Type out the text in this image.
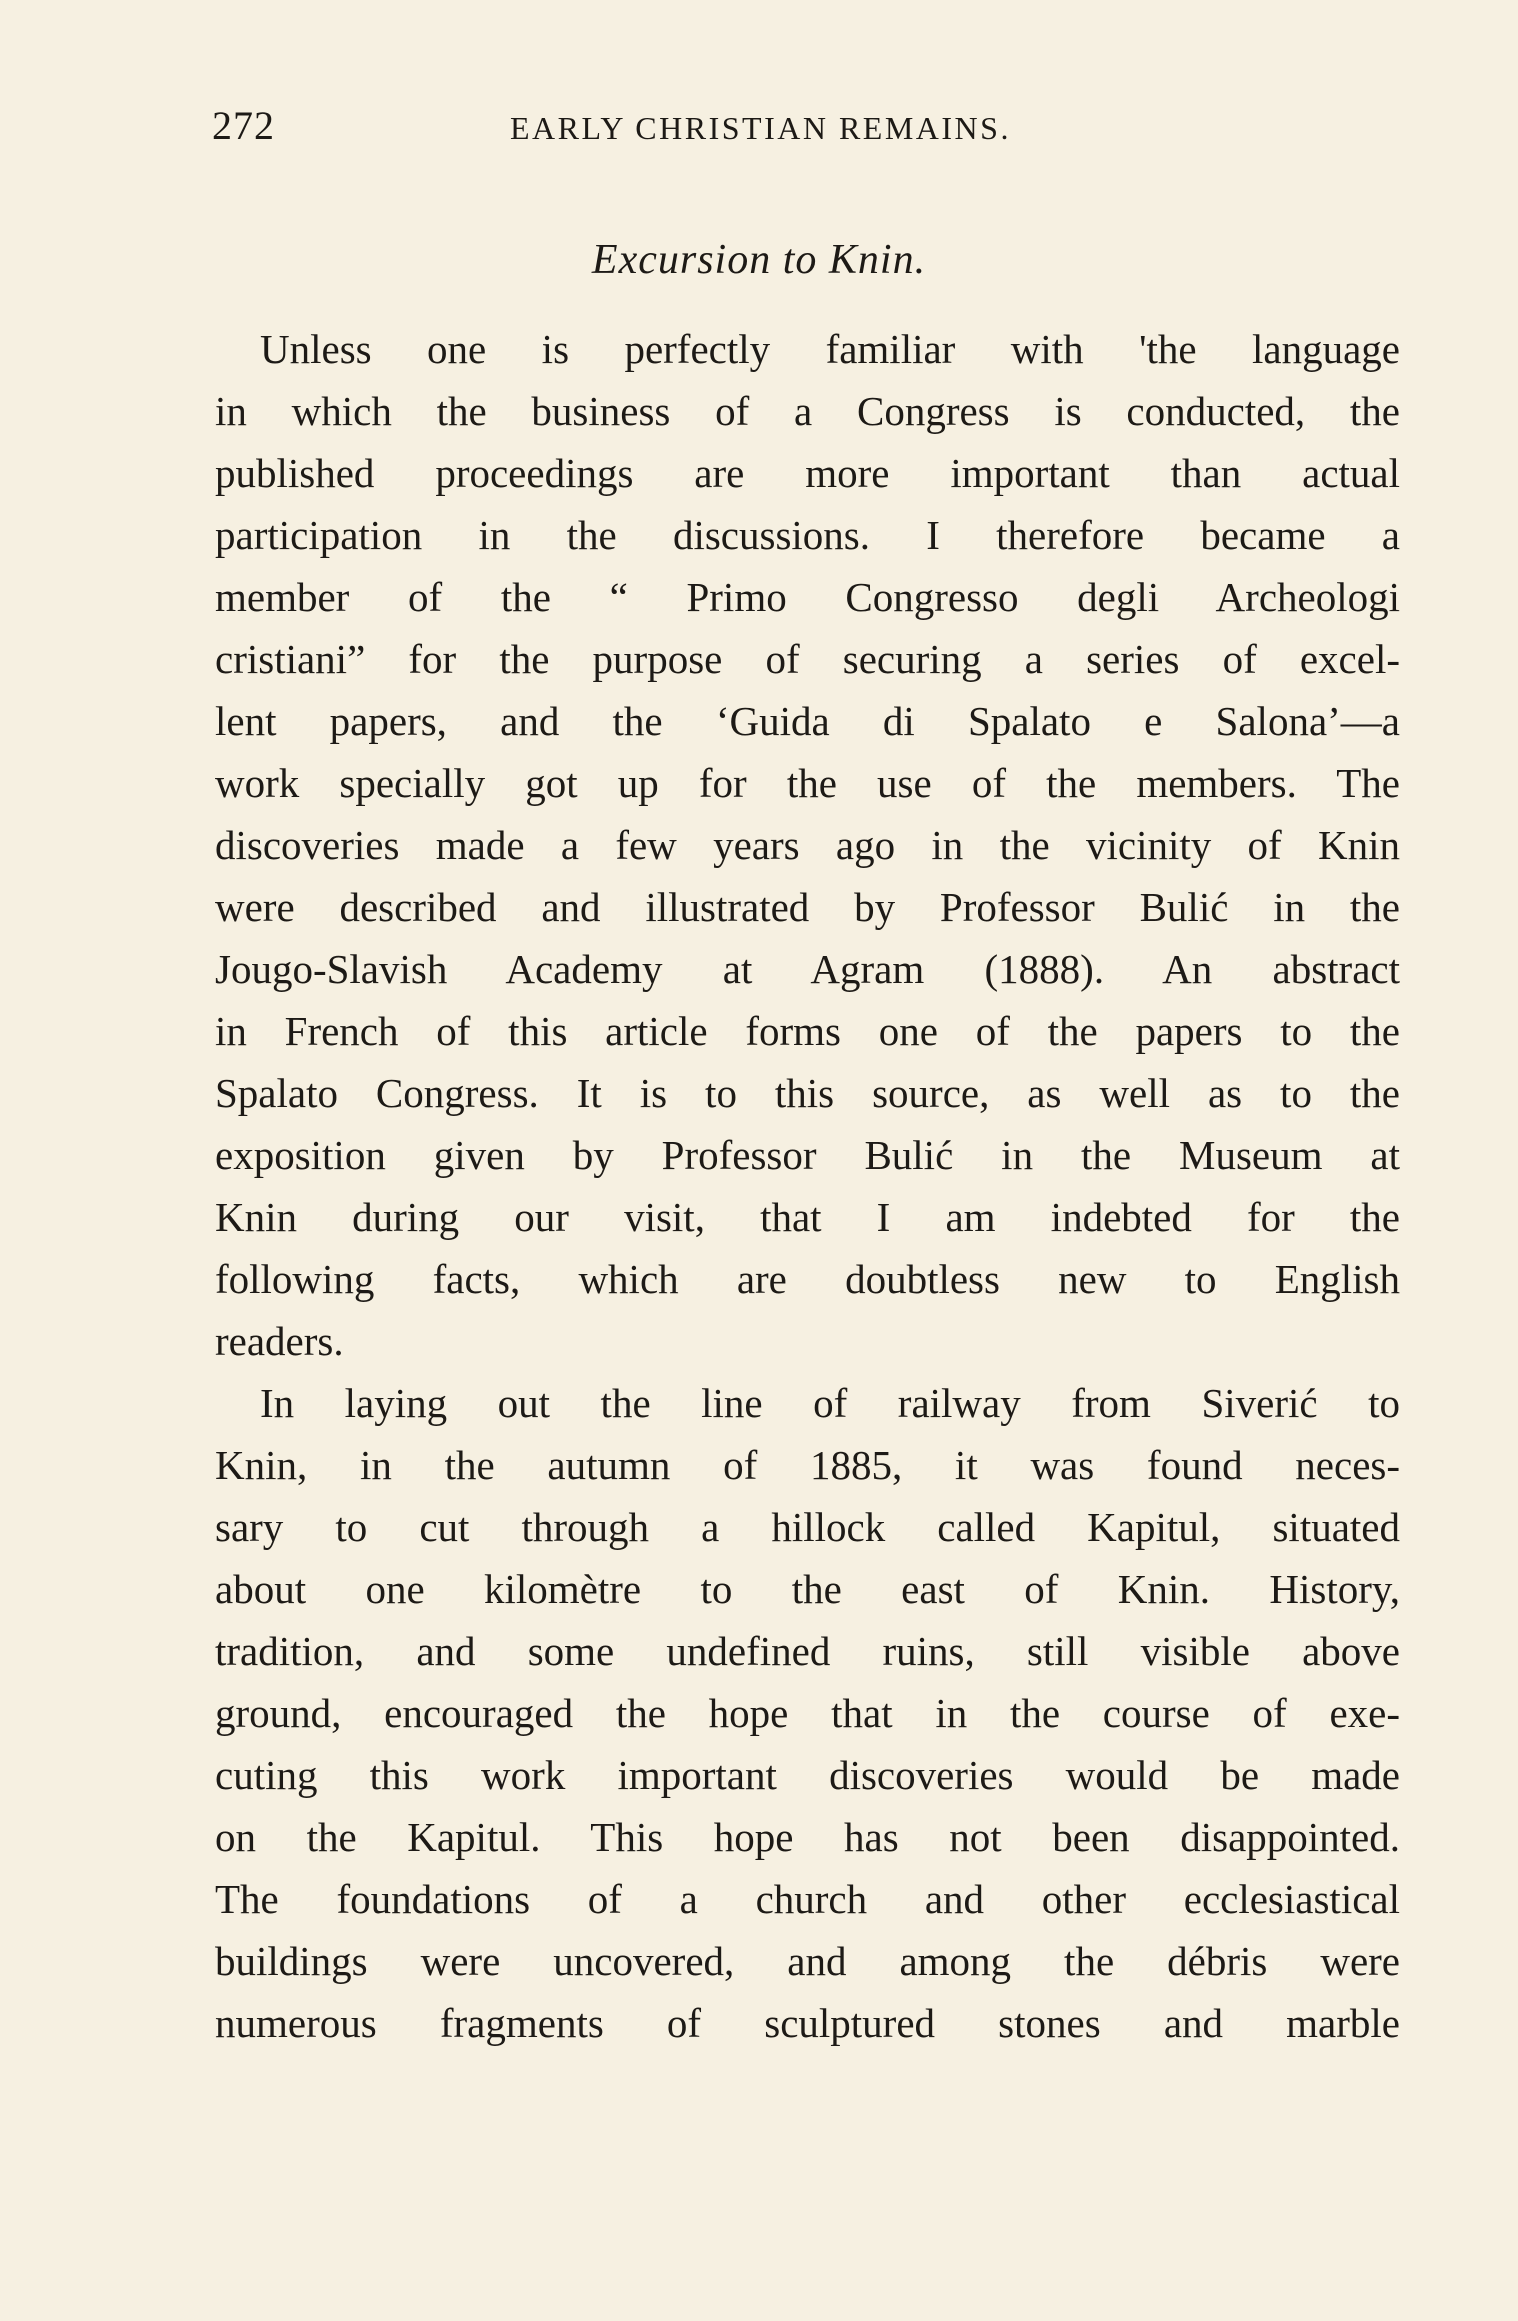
272	EARLY CHRISTIAN REMAINS.
Excursion to Knin.
Unless one is perfectly familiar with 'the language
in which the business of a Congress is conducted, the
published proceedings are more important than actual
participation in the discussions. I therefore became a
member of the “ Primo Congresso degli Archeologi
cristiani” for the purpose of securing a series of excel-
lent papers, and the ‘Guida di Spalato e Salona’—a
work specially got up for the use of the members. The
discoveries made a few years ago in the vicinity of Knin
were described and illustrated by Professor Bulić in the
Jougo-Slavish Academy at Agram (1888). An abstract
in French of this article forms one of the papers to the
Spalato Congress. It is to this source, as well as to the
exposition given by Professor Bulić in the Museum at
Knin during our visit, that I am indebted for the
following facts, which are doubtless new to English
readers.
In laying out the line of railway from Siverić to
Knin, in the autumn of 1885, it was found neces-
sary to cut through a hillock called Kapitul, situated
about one kilomètre to the east of Knin. History,
tradition, and some undefined ruins, still visible above
ground, encouraged the hope that in the course of exe-
cuting this work important discoveries would be made
on the Kapitul. This hope has not been disappointed.
The foundations of a church and other ecclesiastical
buildings were uncovered, and among the débris were
numerous fragments of sculptured stones and marble
